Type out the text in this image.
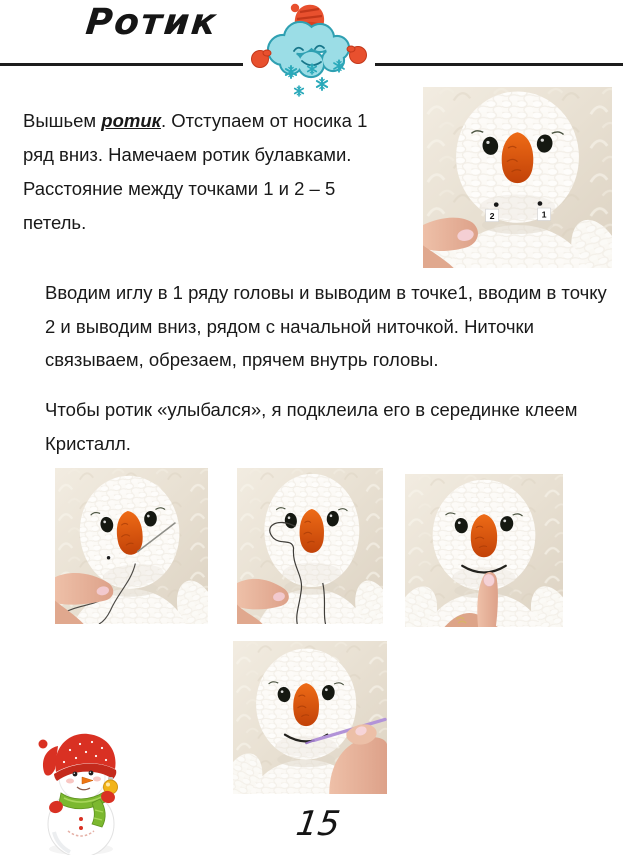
Ротик

Вышьем ротик. Отступаем от носика 1 ряд вниз. Намечаем ротик булавками. Расстояние между точками 1 и 2 – 5 петель.	2	1

Вводим иглу в 1 ряду головы и выводим в точке1, вводим в точку 2 и выводим вниз, рядом с начальной ниточкой. Ниточки связываем, обрезаем, прячем внутрь головы.

Чтобы ротик «улыбался», я подклеила его в серединке клеем Кристалл.

15
